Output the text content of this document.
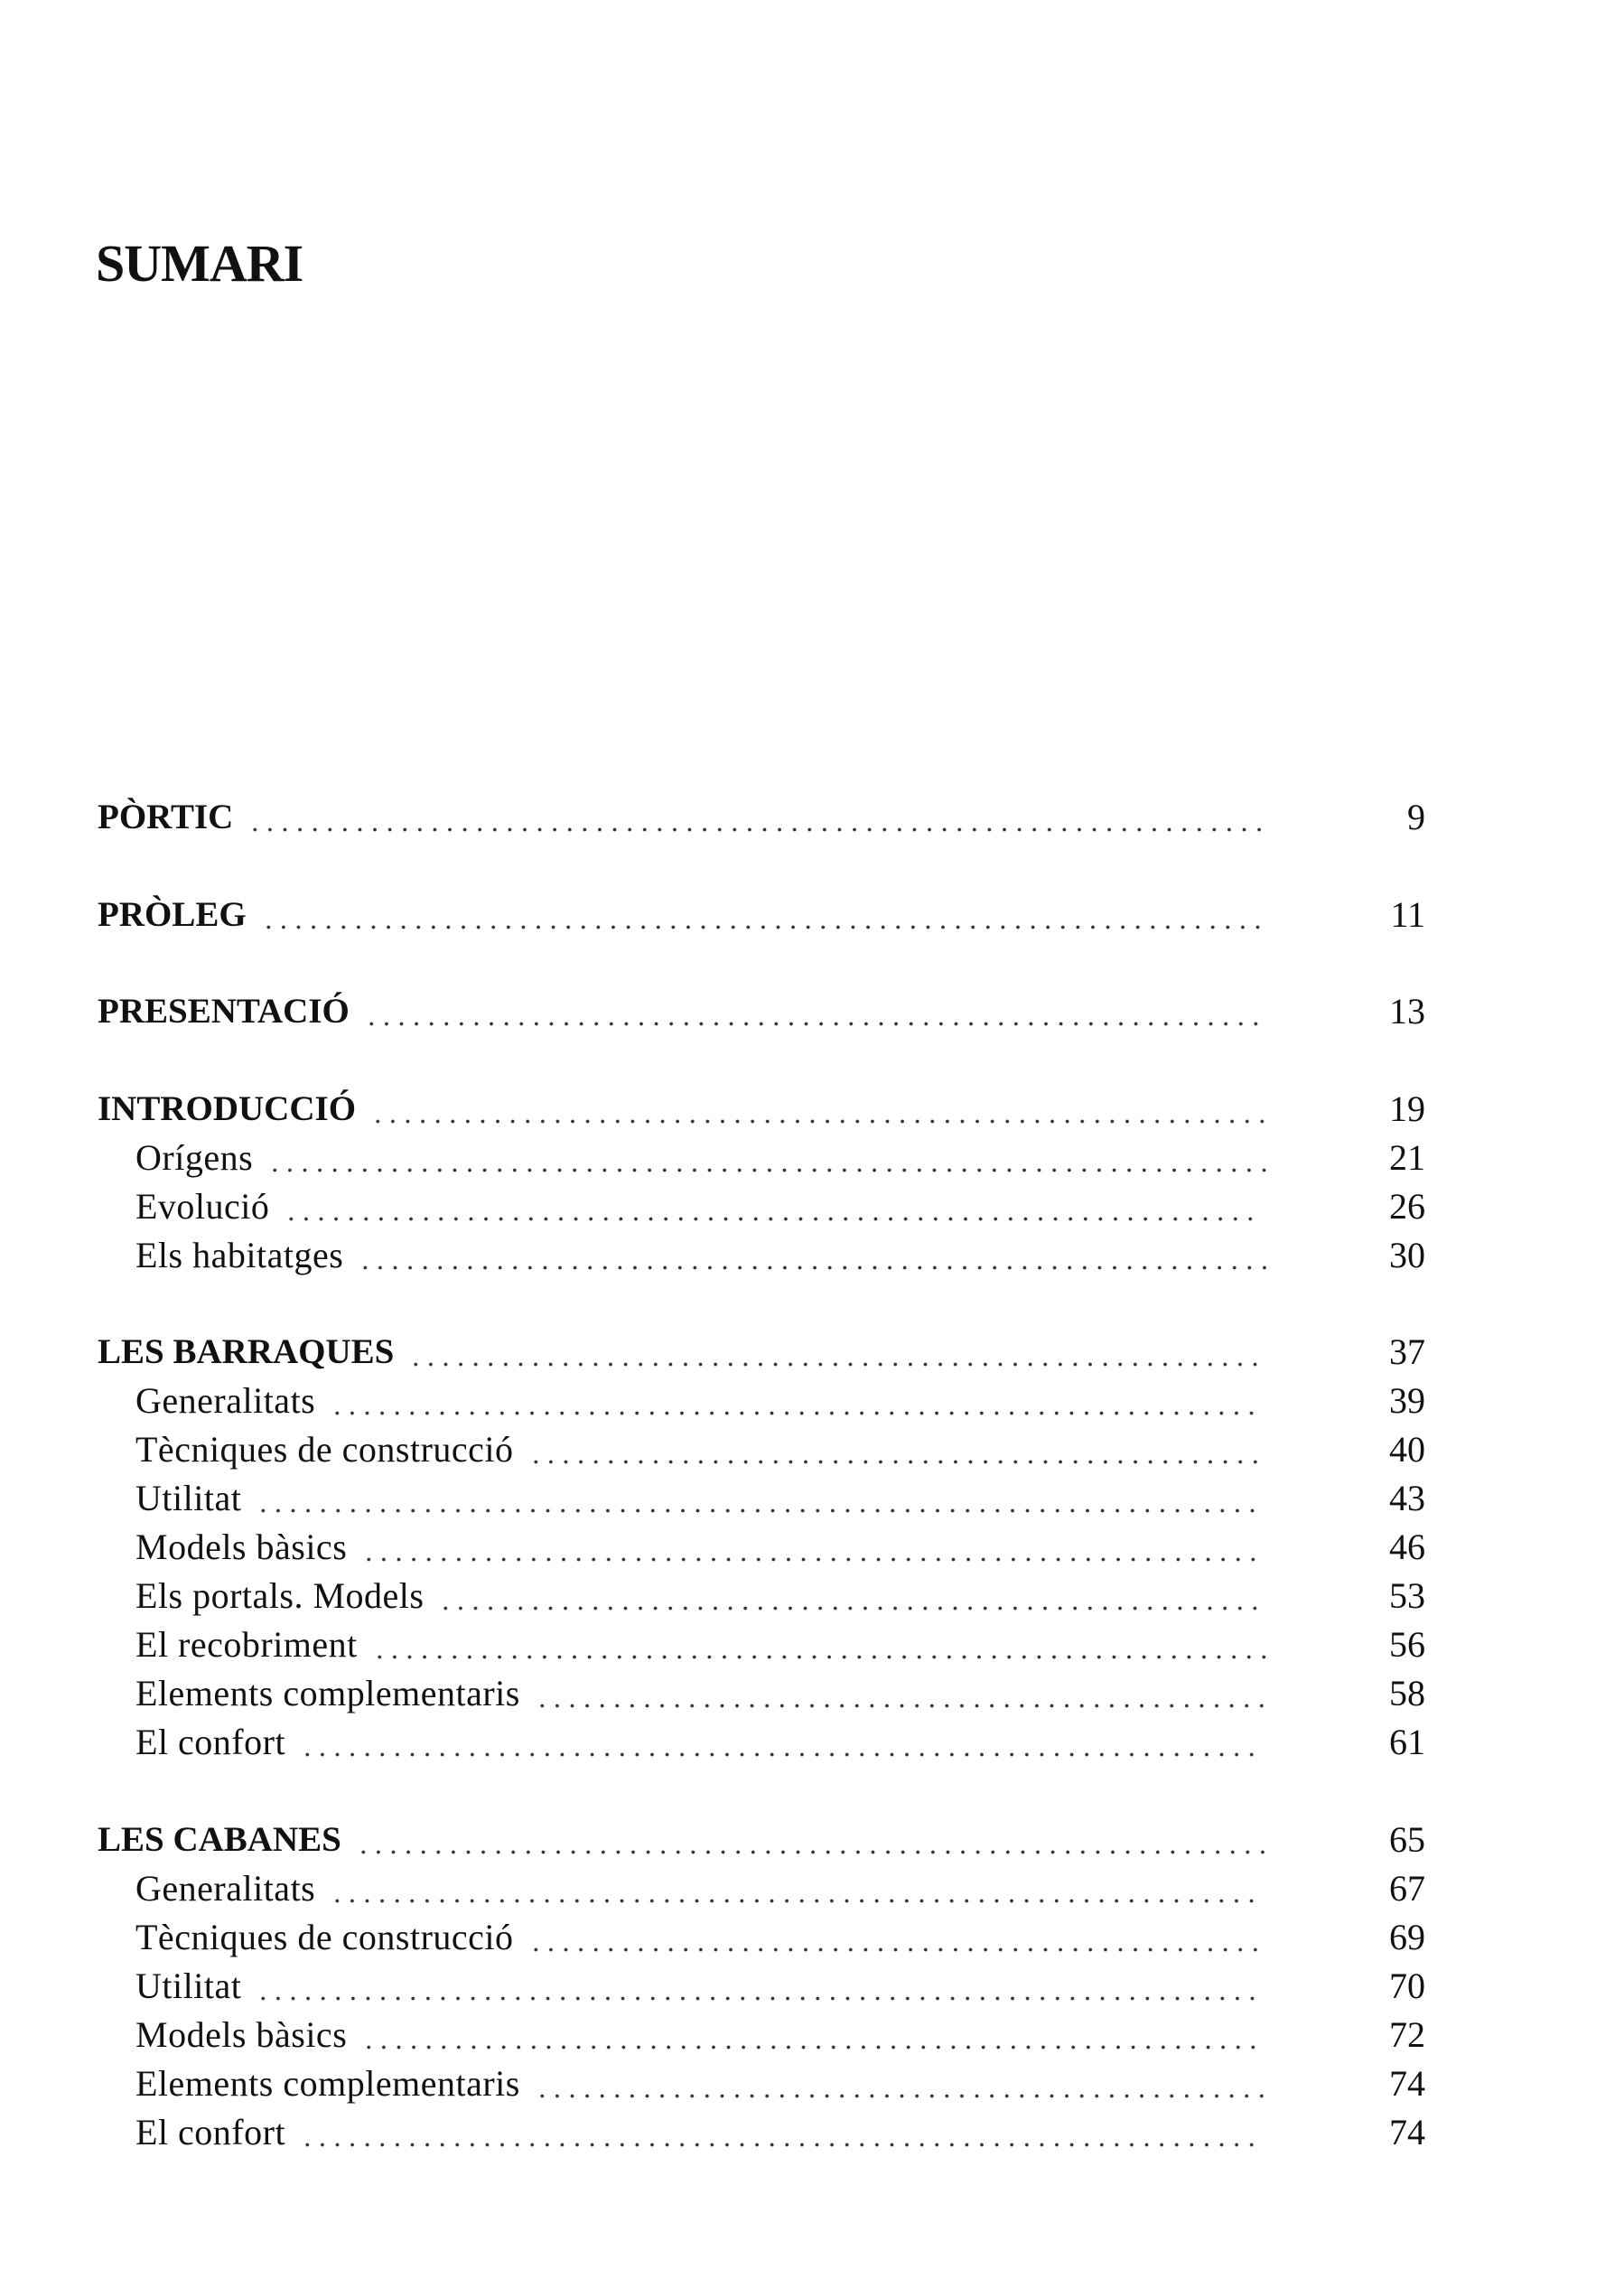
SUMARI
PÒRTIC	9
PRÒLEG	11
PRESENTACIÓ	13
INTRODUCCIÓ	19
Orígens	21
Evolució	26
Els habitatges	30
LES BARRAQUES	37
Generalitats	39
Tècniques de construcció	40
Utilitat	43
Models bàsics	46
Els portals. Models	53
El recobriment	56
Elements complementaris	58
El confort	61
LES CABANES	65
Generalitats	67
Tècniques de construcció	69
Utilitat	70
Models bàsics	72
Elements complementaris	74
El confort	74
